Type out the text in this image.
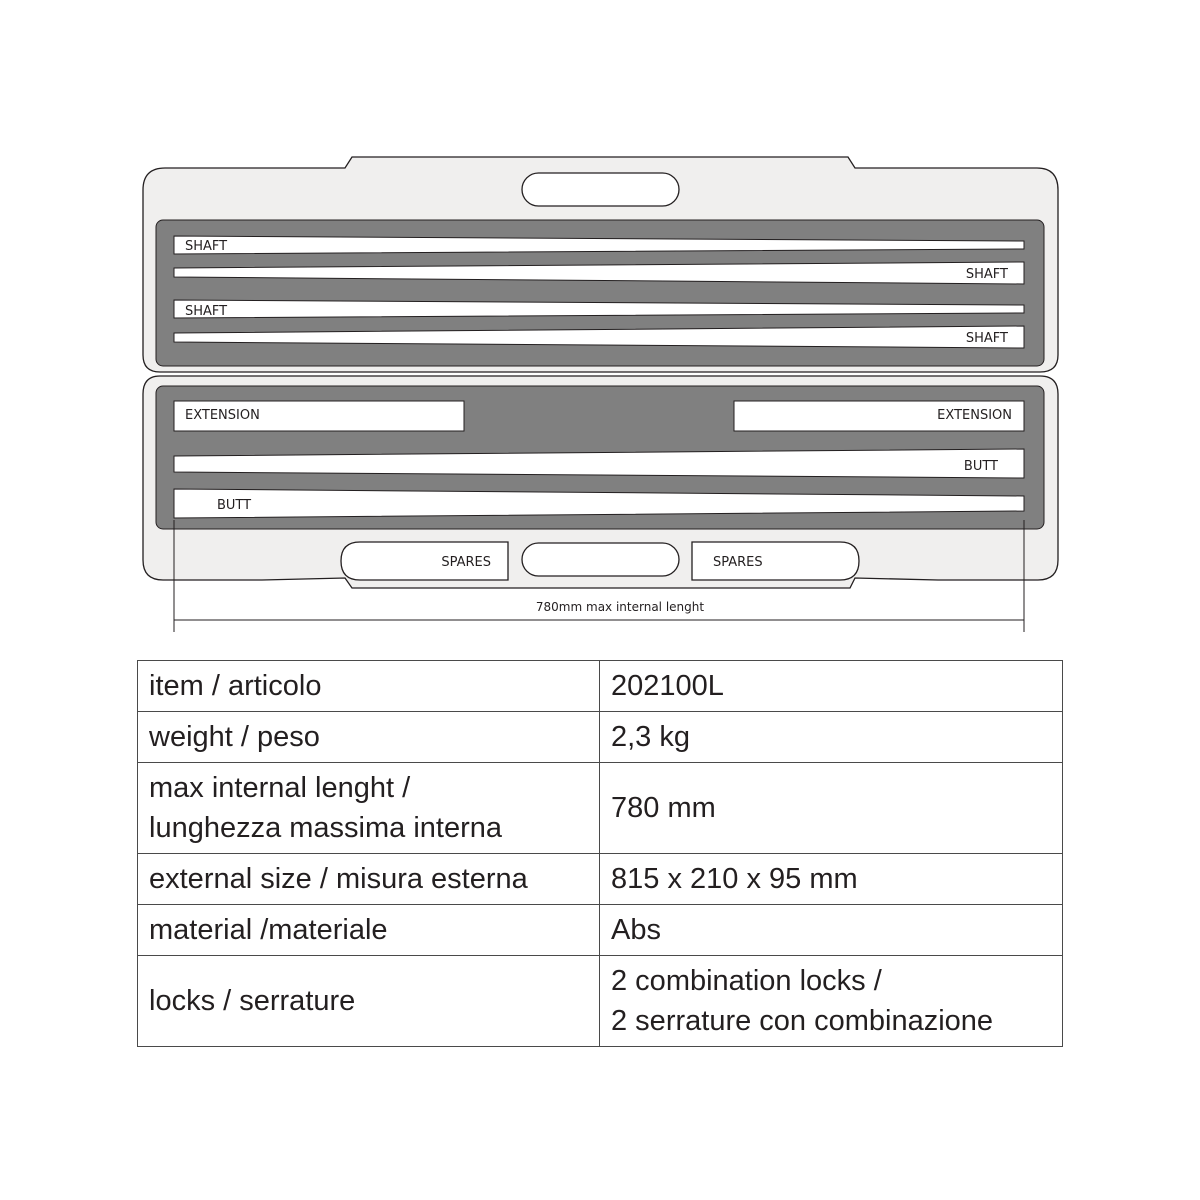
SHAFT
SHAFT
SHAFT
SHAFT
EXTENSION	EXTENSION
BUTT
BUTT
SPARES	SPARES
780mm max internal lenght
item / articolo	202100L
weight / peso	2,3 kg
max internal lenght /
lunghezza massima interna	780 mm
external size / misura esterna	815 x 210 x 95 mm
material /materiale	Abs
locks / serrature	2 combination locks /
2 serrature con combinazione
